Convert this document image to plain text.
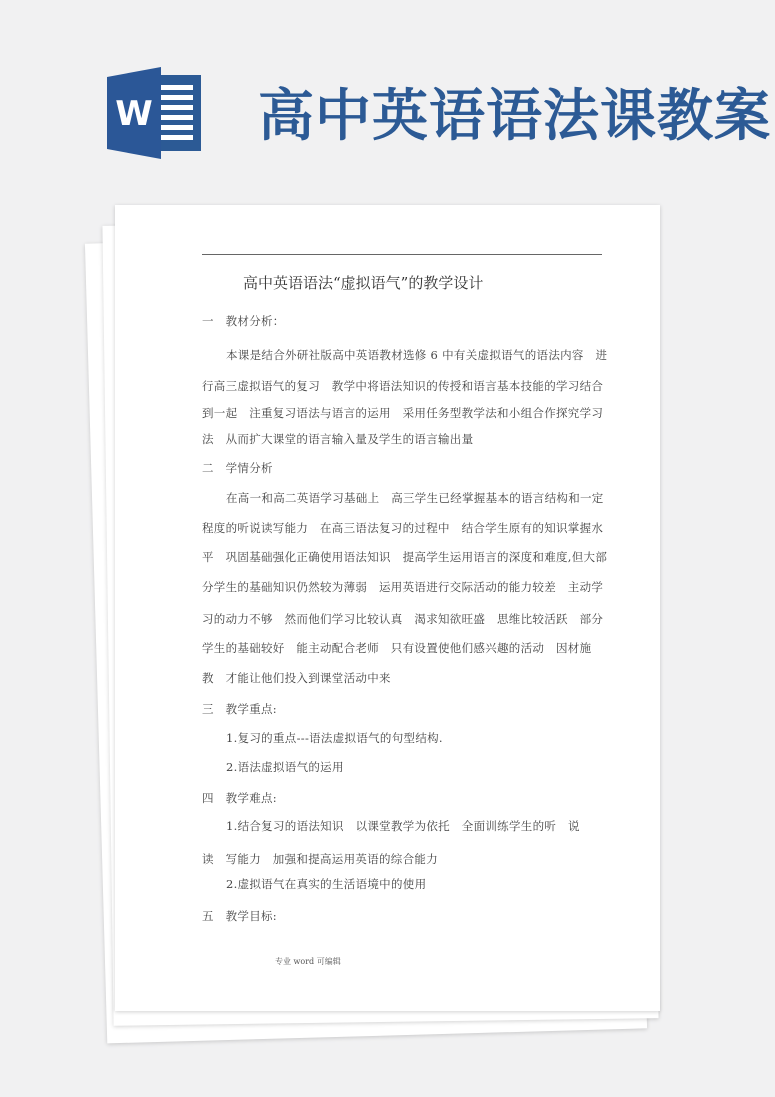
W 高中英语语法课教案
高中英语语法“虚拟语气”的教学设计
一　教材分析：
本课是结合外研社版高中英语教材选修 6 中有关虚拟语气的语法内容　进
行高三虚拟语气的复习　教学中将语法知识的传授和语言基本技能的学习结合
到一起　注重复习语法与语言的运用　采用任务型教学法和小组合作探究学习
法　从而扩大课堂的语言输入量及学生的语言输出量
二　学情分析
在高一和高二英语学习基础上　高三学生已经掌握基本的语言结构和一定
程度的听说读写能力　在高三语法复习的过程中　结合学生原有的知识掌握水
平　巩固基础强化正确使用语法知识　提高学生运用语言的深度和难度,但大部
分学生的基础知识仍然较为薄弱　运用英语进行交际活动的能力较差　主动学
习的动力不够　然而他们学习比较认真　渴求知欲旺盛　思维比较活跃　部分
学生的基础较好　能主动配合老师　只有设置使他们感兴趣的活动　因材施
教　才能让他们投入到课堂活动中来
三　教学重点:
1.复习的重点---语法虚拟语气的句型结构.
2.语法虚拟语气的运用
四　教学难点:
1.结合复习的语法知识　以课堂教学为依托　全面训练学生的听　说
读　写能力　加强和提高运用英语的综合能力
2.虚拟语气在真实的生活语境中的使用
五　教学目标:
专业 word 可编辑
